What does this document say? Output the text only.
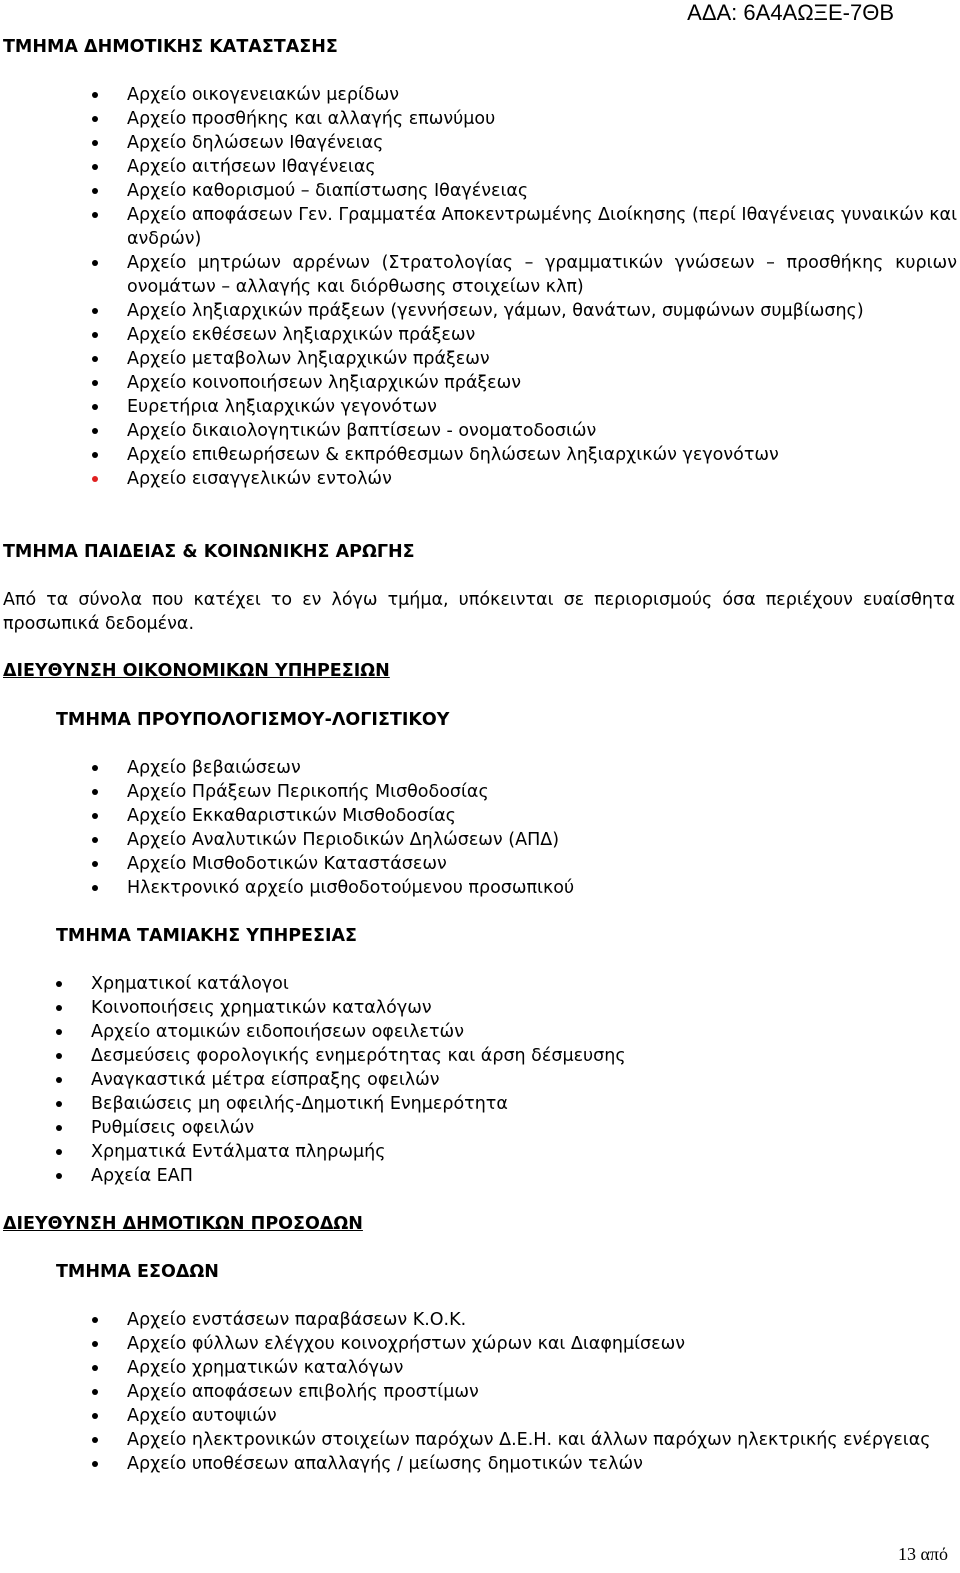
ΑΔΑ: 6Α4ΑΩΞΕ-7ΘΒ
ΤΜΗΜΑ ΔΗΜΟΤΙΚΗΣ ΚΑΤΑΣΤΑΣΗΣ
Αρχείο οικογενειακών μερίδων
Αρχείο προσθήκης και αλλαγής επωνύμου
Αρχείο δηλώσεων Ιθαγένειας
Αρχείο αιτήσεων Ιθαγένειας
Αρχείο καθορισμού – διαπίστωσης Ιθαγένειας
Αρχείο αποφάσεων Γεν. Γραμματέα Αποκεντρωμένης Διοίκησης (περί Ιθαγένειας γυναικών και ανδρών)
Αρχείο μητρώων αρρένων (Στρατολογίας – γραμματικών γνώσεων – προσθήκης κυριων ονομάτων – αλλαγής και διόρθωσης στοιχείων κλπ)
Αρχείο ληξιαρχικών πράξεων (γεννήσεων, γάμων, θανάτων, συμφώνων συμβίωσης)
Αρχείο εκθέσεων ληξιαρχικών πράξεων
Αρχείο μεταβολων ληξιαρχικών πράξεων
Αρχείο κοινοποιήσεων ληξιαρχικών πράξεων
Ευρετήρια ληξιαρχικών γεγονότων
Αρχείο δικαιολογητικών βαπτίσεων - ονοματοδοσιών
Αρχείο επιθεωρήσεων & εκπρόθεσμων δηλώσεων ληξιαρχικών γεγονότων
Αρχείο εισαγγελικών εντολών
ΤΜΗΜΑ ΠΑΙΔΕΙΑΣ & ΚΟΙΝΩΝΙΚΗΣ ΑΡΩΓΗΣ
Από τα σύνολα που κατέχει το εν λόγω τμήμα, υπόκεινται σε περιορισμούς όσα περιέχουν ευαίσθητα προσωπικά δεδομένα.
ΔΙΕΥΘΥΝΣΗ ΟΙΚΟΝΟΜΙΚΩΝ ΥΠΗΡΕΣΙΩΝ
ΤΜΗΜΑ ΠΡΟΥΠΟΛΟΓΙΣΜΟΥ-ΛΟΓΙΣΤΙΚΟΥ
Αρχείο βεβαιώσεων
Αρχείο Πράξεων Περικοπής Μισθοδοσίας
Αρχείο Εκκαθαριστικών Μισθοδοσίας
Αρχείο Αναλυτικών Περιοδικών Δηλώσεων (ΑΠΔ)
Αρχείο Μισθοδοτικών Καταστάσεων
Ηλεκτρονικό αρχείο μισθοδοτούμενου προσωπικού
ΤΜΗΜΑ ΤΑΜΙΑΚΗΣ ΥΠΗΡΕΣΙΑΣ
Χρηματικοί κατάλογοι
Κοινοποιήσεις χρηματικών καταλόγων
Αρχείο ατομικών ειδοποιήσεων οφειλετών
Δεσμεύσεις φορολογικής ενημερότητας και άρση δέσμευσης
Αναγκαστικά μέτρα είσπραξης οφειλών
Βεβαιώσεις μη οφειλής-Δημοτική Ενημερότητα
Ρυθμίσεις οφειλών
Χρηματικά Εντάλματα πληρωμής
Αρχεία ΕΑΠ
ΔΙΕΥΘΥΝΣΗ ΔΗΜΟΤΙΚΩΝ ΠΡΟΣΟΔΩΝ
ΤΜΗΜΑ ΕΣΟΔΩΝ
Αρχείο ενστάσεων παραβάσεων Κ.Ο.Κ.
Αρχείο φύλλων ελέγχου κοινοχρήστων χώρων και Διαφημίσεων
Αρχείο χρηματικών καταλόγων
Αρχείο αποφάσεων επιβολής προστίμων
Αρχείο αυτοψιών
Αρχείο ηλεκτρονικών στοιχείων παρόχων Δ.Ε.Η. και άλλων παρόχων ηλεκτρικής ενέργειας
Αρχείο υποθέσεων απαλλαγής / μείωσης δημοτικών τελών
13 από
